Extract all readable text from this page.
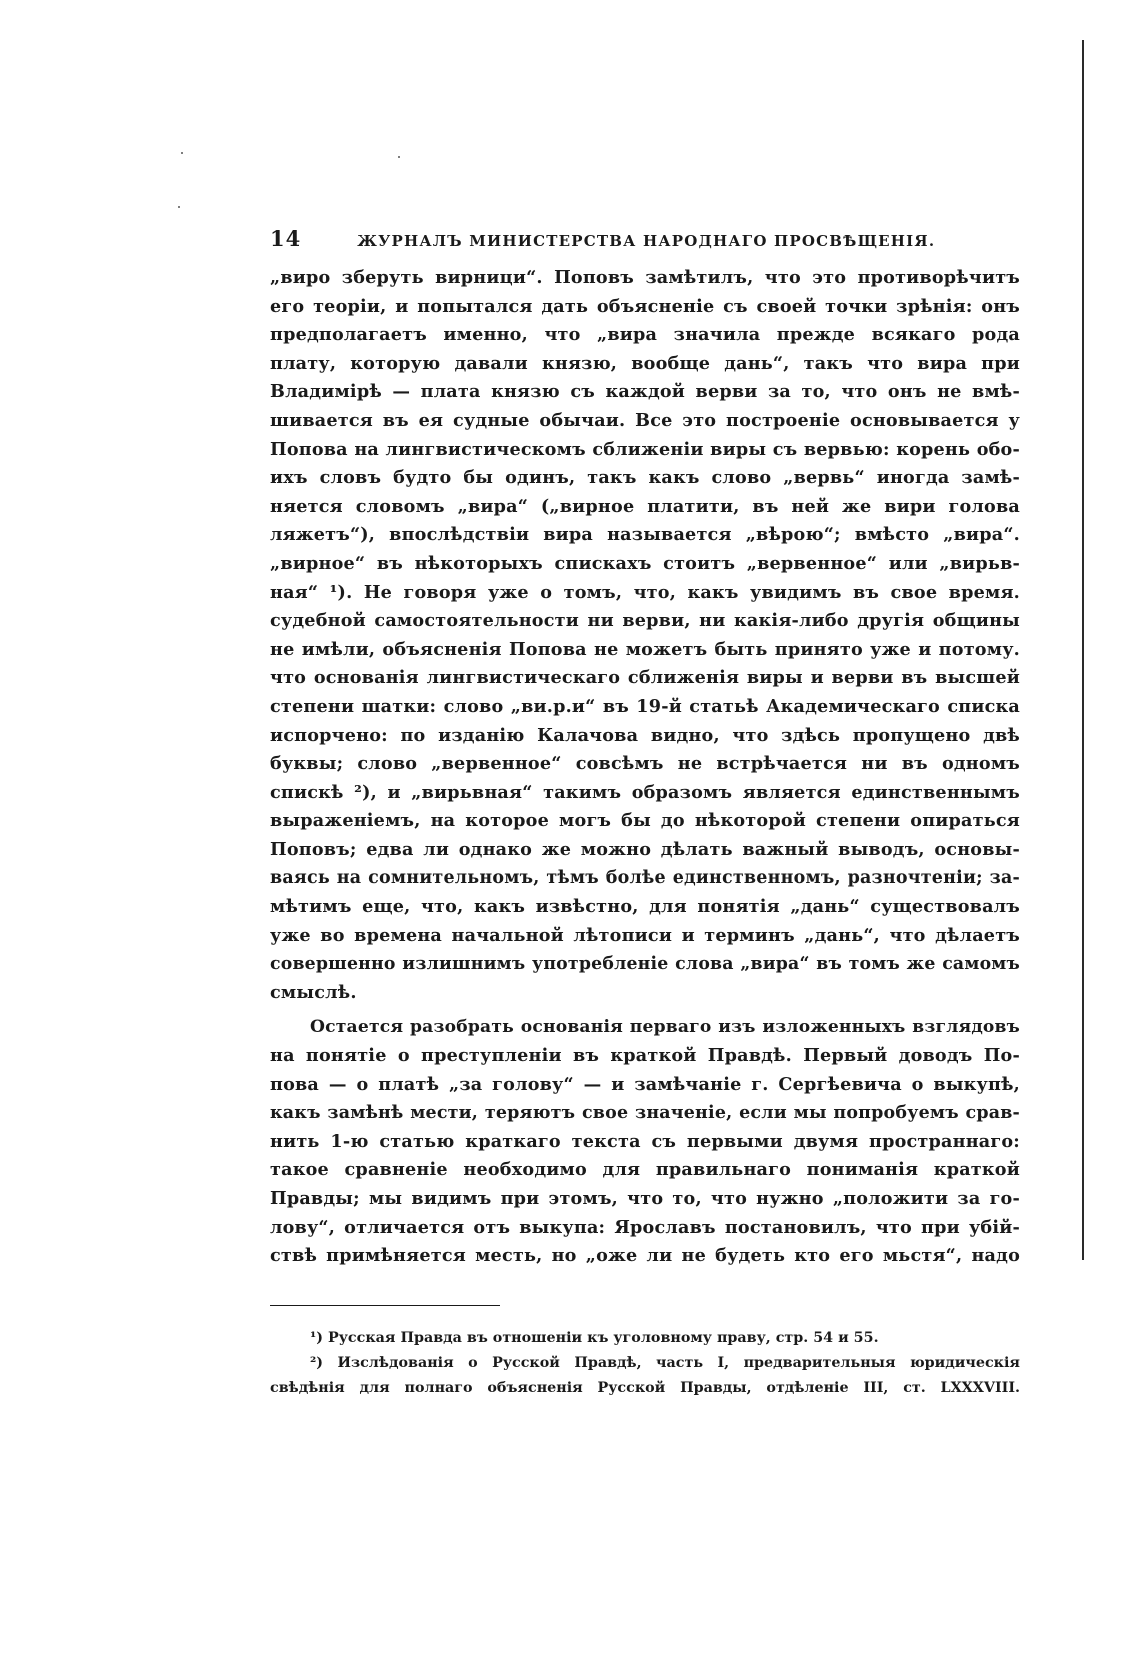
14	ЖУРНАЛЪ МИНИСТЕРСТВА НАРОДНАГО ПРОСВѢЩЕНІЯ.
„виро зберуть вирници“. Поповъ замѣтилъ, что это противорѣчитъ
его теоріи, и попытался дать объясненіе съ своей точки зрѣнія: онъ
предполагаетъ именно, что „вира значила прежде всякаго рода
плату, которую давали князю, вообще дань“, такъ что вира при
Владимірѣ — плата князю съ каждой верви за то, что онъ не вмѣ-
шивается въ ея судные обычаи. Все это построеніе основывается у
Попова на лингвистическомъ сближеніи виры съ вервью: корень обо-
ихъ словъ будто бы одинъ, такъ какъ слово „вервь“ иногда замѣ-
няется словомъ „вира“ („вирное платити, въ ней же вири голова
ляжетъ“), впослѣдствіи вира называется „вѣрою“; вмѣсто „вира“.
„вирное“ въ нѣкоторыхъ спискахъ стоитъ „вервенное“ или „вирьв-
ная“ ¹). Не говоря уже о томъ, что, какъ увидимъ въ свое время.
судебной самостоятельности ни верви, ни какія-либо другія общины
не имѣли, объясненія Попова не можетъ быть принято уже и потому.
что основанія лингвистическаго сближенія виры и верви въ высшей
степени шатки: слово „ви.р.и“ въ 19-й статьѣ Академическаго списка
испорчено: по изданію Калачова видно, что здѣсь пропущено двѣ
буквы; слово „вервенное“ совсѣмъ не встрѣчается ни въ одномъ
спискѣ ²), и „вирьвная“ такимъ образомъ является единственнымъ
выраженіемъ, на которое могъ бы до нѣкоторой степени опираться
Поповъ; едва ли однако же можно дѣлать важный выводъ, основы-
ваясь на сомнительномъ, тѣмъ болѣе единственномъ, разночтеніи; за-
мѣтимъ еще, что, какъ извѣстно, для понятія „дань“ существовалъ
уже во времена начальной лѣтописи и терминъ „дань“, что дѣлаетъ
совершенно излишнимъ употребленіе слова „вира“ въ томъ же самомъ
смыслѣ.
Остается разобрать основанія перваго изъ изложенныхъ взглядовъ
на понятіе о преступленіи въ краткой Правдѣ. Первый доводъ По-
пова — о платѣ „за голову“ — и замѣчаніе г. Сергѣевича о выкупѣ,
какъ замѣнѣ мести, теряютъ свое значеніе, если мы попробуемъ срав-
нить 1-ю статью краткаго текста съ первыми двумя пространнаго:
такое сравненіе необходимо для правильнаго пониманія краткой
Правды; мы видимъ при этомъ, что то, что нужно „положити за го-
лову“, отличается отъ выкупа: Ярославъ постановилъ, что при убій-
ствѣ примѣняется месть, но „оже ли не будеть кто его мьстя“, надо
¹) Русская Правда въ отношеніи къ уголовному праву, стр. 54 и 55.
²) Изслѣдованія о Русской Правдѣ, часть I, предварительныя юридическія
свѣдѣнія для полнаго объясненія Русской Правды, отдѣленіе III, ст. LXXXVIII.
